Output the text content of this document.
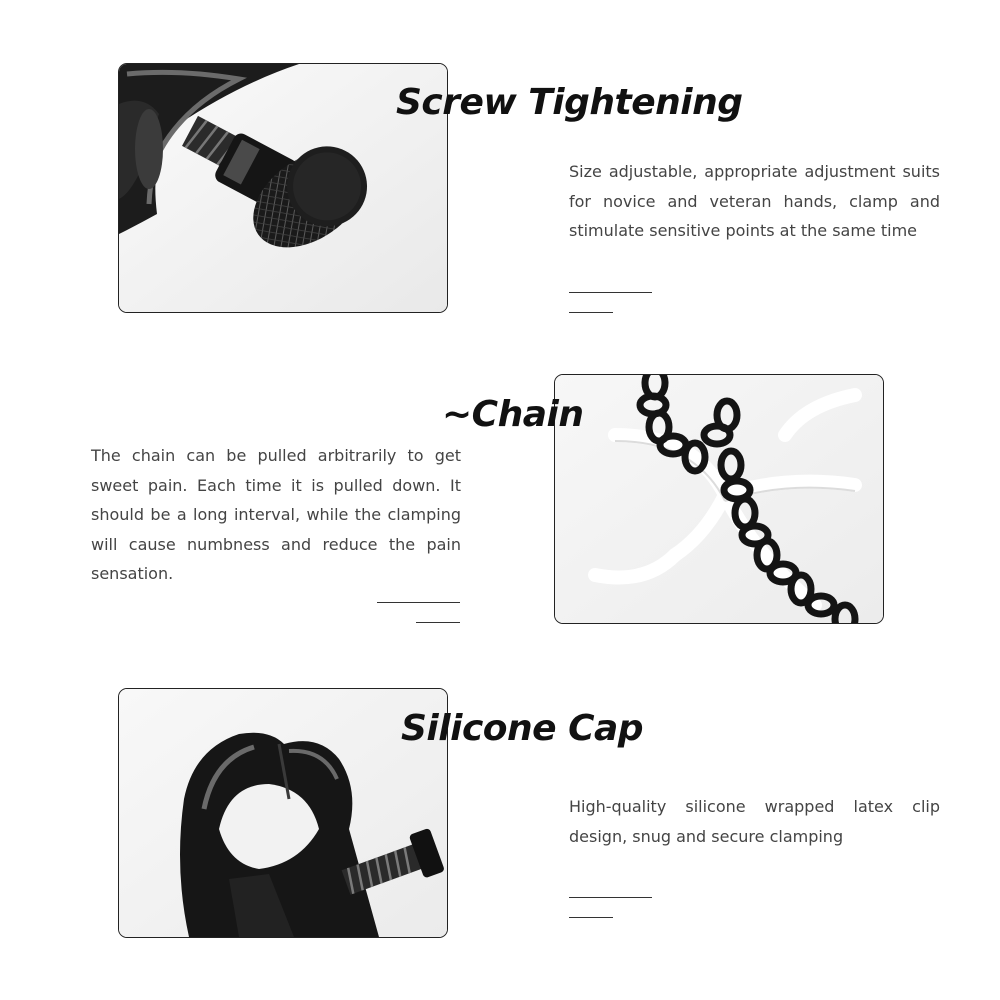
Screw Tightening

Size adjustable, appropriate adjustment suits for novice and veteran hands, clamp and stimulate sensitive points at the same time

~Chain

The chain can be pulled arbitrarily to get sweet pain. Each time it is pulled down. It should be a long interval, while the clamping will cause numbness and reduce the pain sensation.

Silicone Cap

High-quality silicone wrapped latex clip design, snug and secure clamping
